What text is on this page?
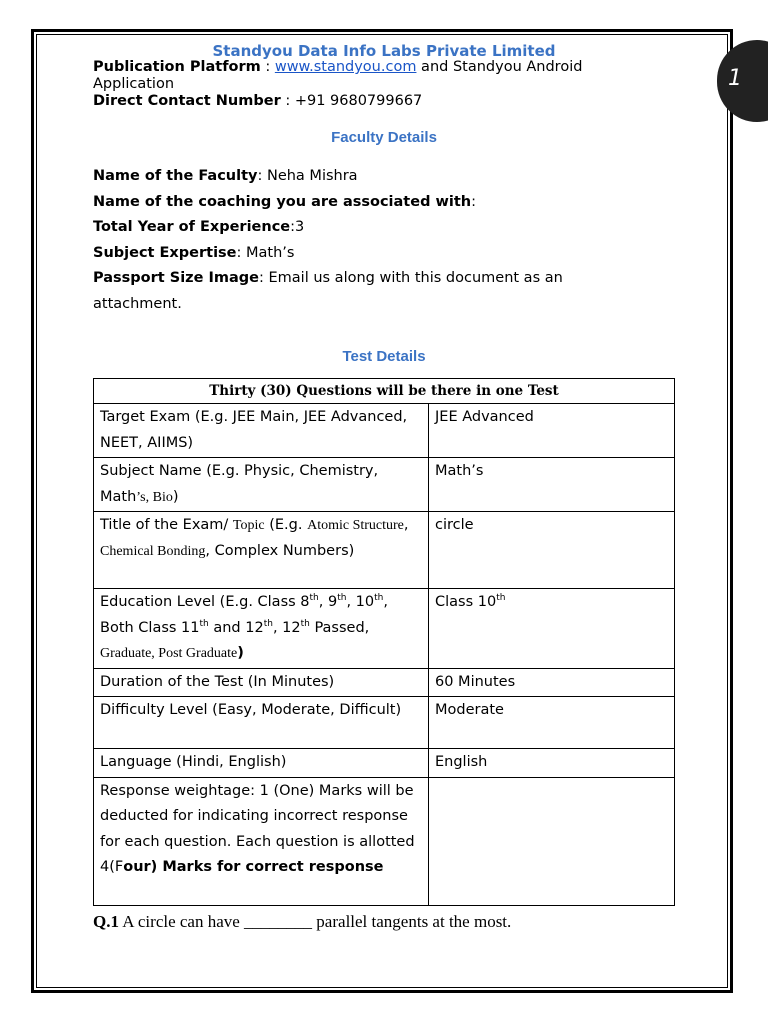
1
Standyou Data Info Labs Private Limited
Publication Platform : www.standyou.com and Standyou Android Application
Direct Contact Number : +91 9680799667
Faculty Details
Name of the Faculty: Neha Mishra
Name of the coaching you are associated with:
Total Year of Experience:3
Subject Expertise: Math’s
Passport Size Image: Email us along with this document as an attachment.
Test Details
Thirty (30) Questions will be there in one Test	
Target Exam (E.g. JEE Main, JEE Advanced, NEET, AIIMS)	JEE Advanced
Subject Name (E.g. Physic, Chemistry, Math’s, Bio)	Math’s
Title of the Exam/ Topic (E.g. Atomic Structure, Chemical Bonding, Complex Numbers)	circle
Education Level (E.g. Class 8th, 9th, 10th, Both Class 11th and 12th, 12th Passed, Graduate, Post Graduate)	Class 10th
Duration of the Test (In Minutes)	60 Minutes
Difficulty Level (Easy, Moderate, Difficult)	Moderate
Language (Hindi, English)	English
Response weightage: 1 (One) Marks will be deducted for indicating incorrect response for each question. Each question is allotted 4(Four) Marks for correct response	
Q.1 A circle can have ________ parallel tangents at the most.
